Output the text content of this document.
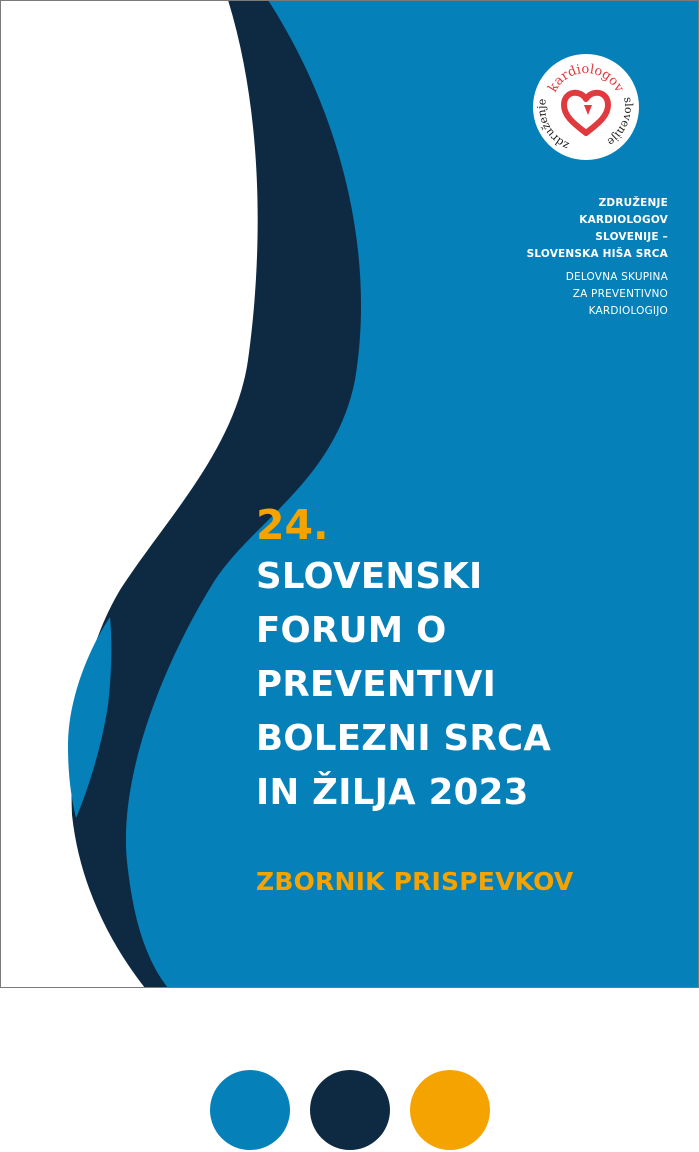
kardiologov
združenje	slovenije
ZDRUŽENJE
KARDIOLOGOV
SLOVENIJE –
SLOVENSKA HIŠA SRCA
DELOVNA SKUPINA
ZA PREVENTIVNO
KARDIOLOGIJO
24.
SLOVENSKI
FORUM O
PREVENTIVI
BOLEZNI SRCA
IN ŽILJA 2023
ZBORNIK PRISPEVKOV
